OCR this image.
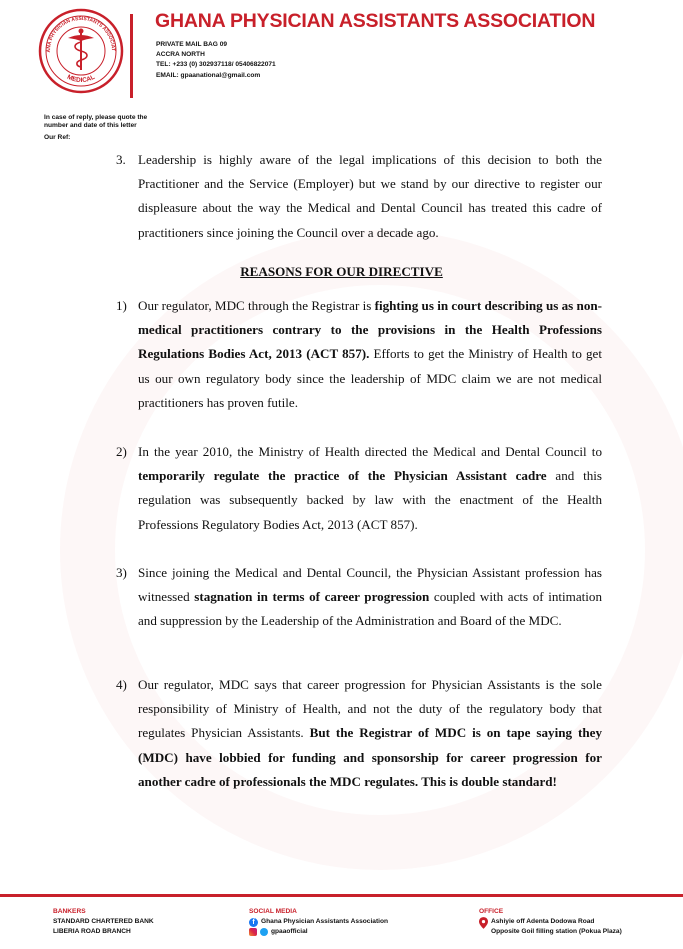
ANA PHYSICIAN ASSISTANTS ASSOCIAT
MEDICAL
GHANA PHYSICIAN ASSISTANTS ASSOCIATION
PRIVATE MAIL BAG 09
ACCRA NORTH
TEL: +233 (0) 302937118/ 05406822071
EMAIL: gpaanational@gmail.com
In case of reply, please quote the
number and date of this letter
Our Ref:
3. Leadership is highly aware of the legal implications of this decision to both the Practitioner and the Service (Employer) but we stand by our directive to register our displeasure about the way the Medical and Dental Council has treated this cadre of practitioners since joining the Council over a decade ago.
REASONS FOR OUR DIRECTIVE
1) Our regulator, MDC through the Registrar is fighting us in court describing us as non-medical practitioners contrary to the provisions in the Health Professions Regulations Bodies Act, 2013 (ACT 857). Efforts to get the Ministry of Health to get us our own regulatory body since the leadership of MDC claim we are not medical practitioners has proven futile.
2) In the year 2010, the Ministry of Health directed the Medical and Dental Council to temporarily regulate the practice of the Physician Assistant cadre and this regulation was subsequently backed by law with the enactment of the Health Professions Regulatory Bodies Act, 2013 (ACT 857).
3) Since joining the Medical and Dental Council, the Physician Assistant profession has witnessed stagnation in terms of career progression coupled with acts of intimation and suppression by the Leadership of the Administration and Board of the MDC.
4) Our regulator, MDC says that career progression for Physician Assistants is the sole responsibility of Ministry of Health, and not the duty of the regulatory body that regulates Physician Assistants. But the Registrar of MDC is on tape saying they (MDC) have lobbied for funding and sponsorship for career progression for another cadre of professionals the MDC regulates. This is double standard!
BANKERS
STANDARD CHARTERED BANK
LIBERIA ROAD BRANCH
SOCIAL MEDIA
f Ghana Physician Assistants Association
gpaaofficial
OFFICE
Ashiyie off Adenta Dodowa Road
Opposite Goil filling station (Pokua Plaza)
